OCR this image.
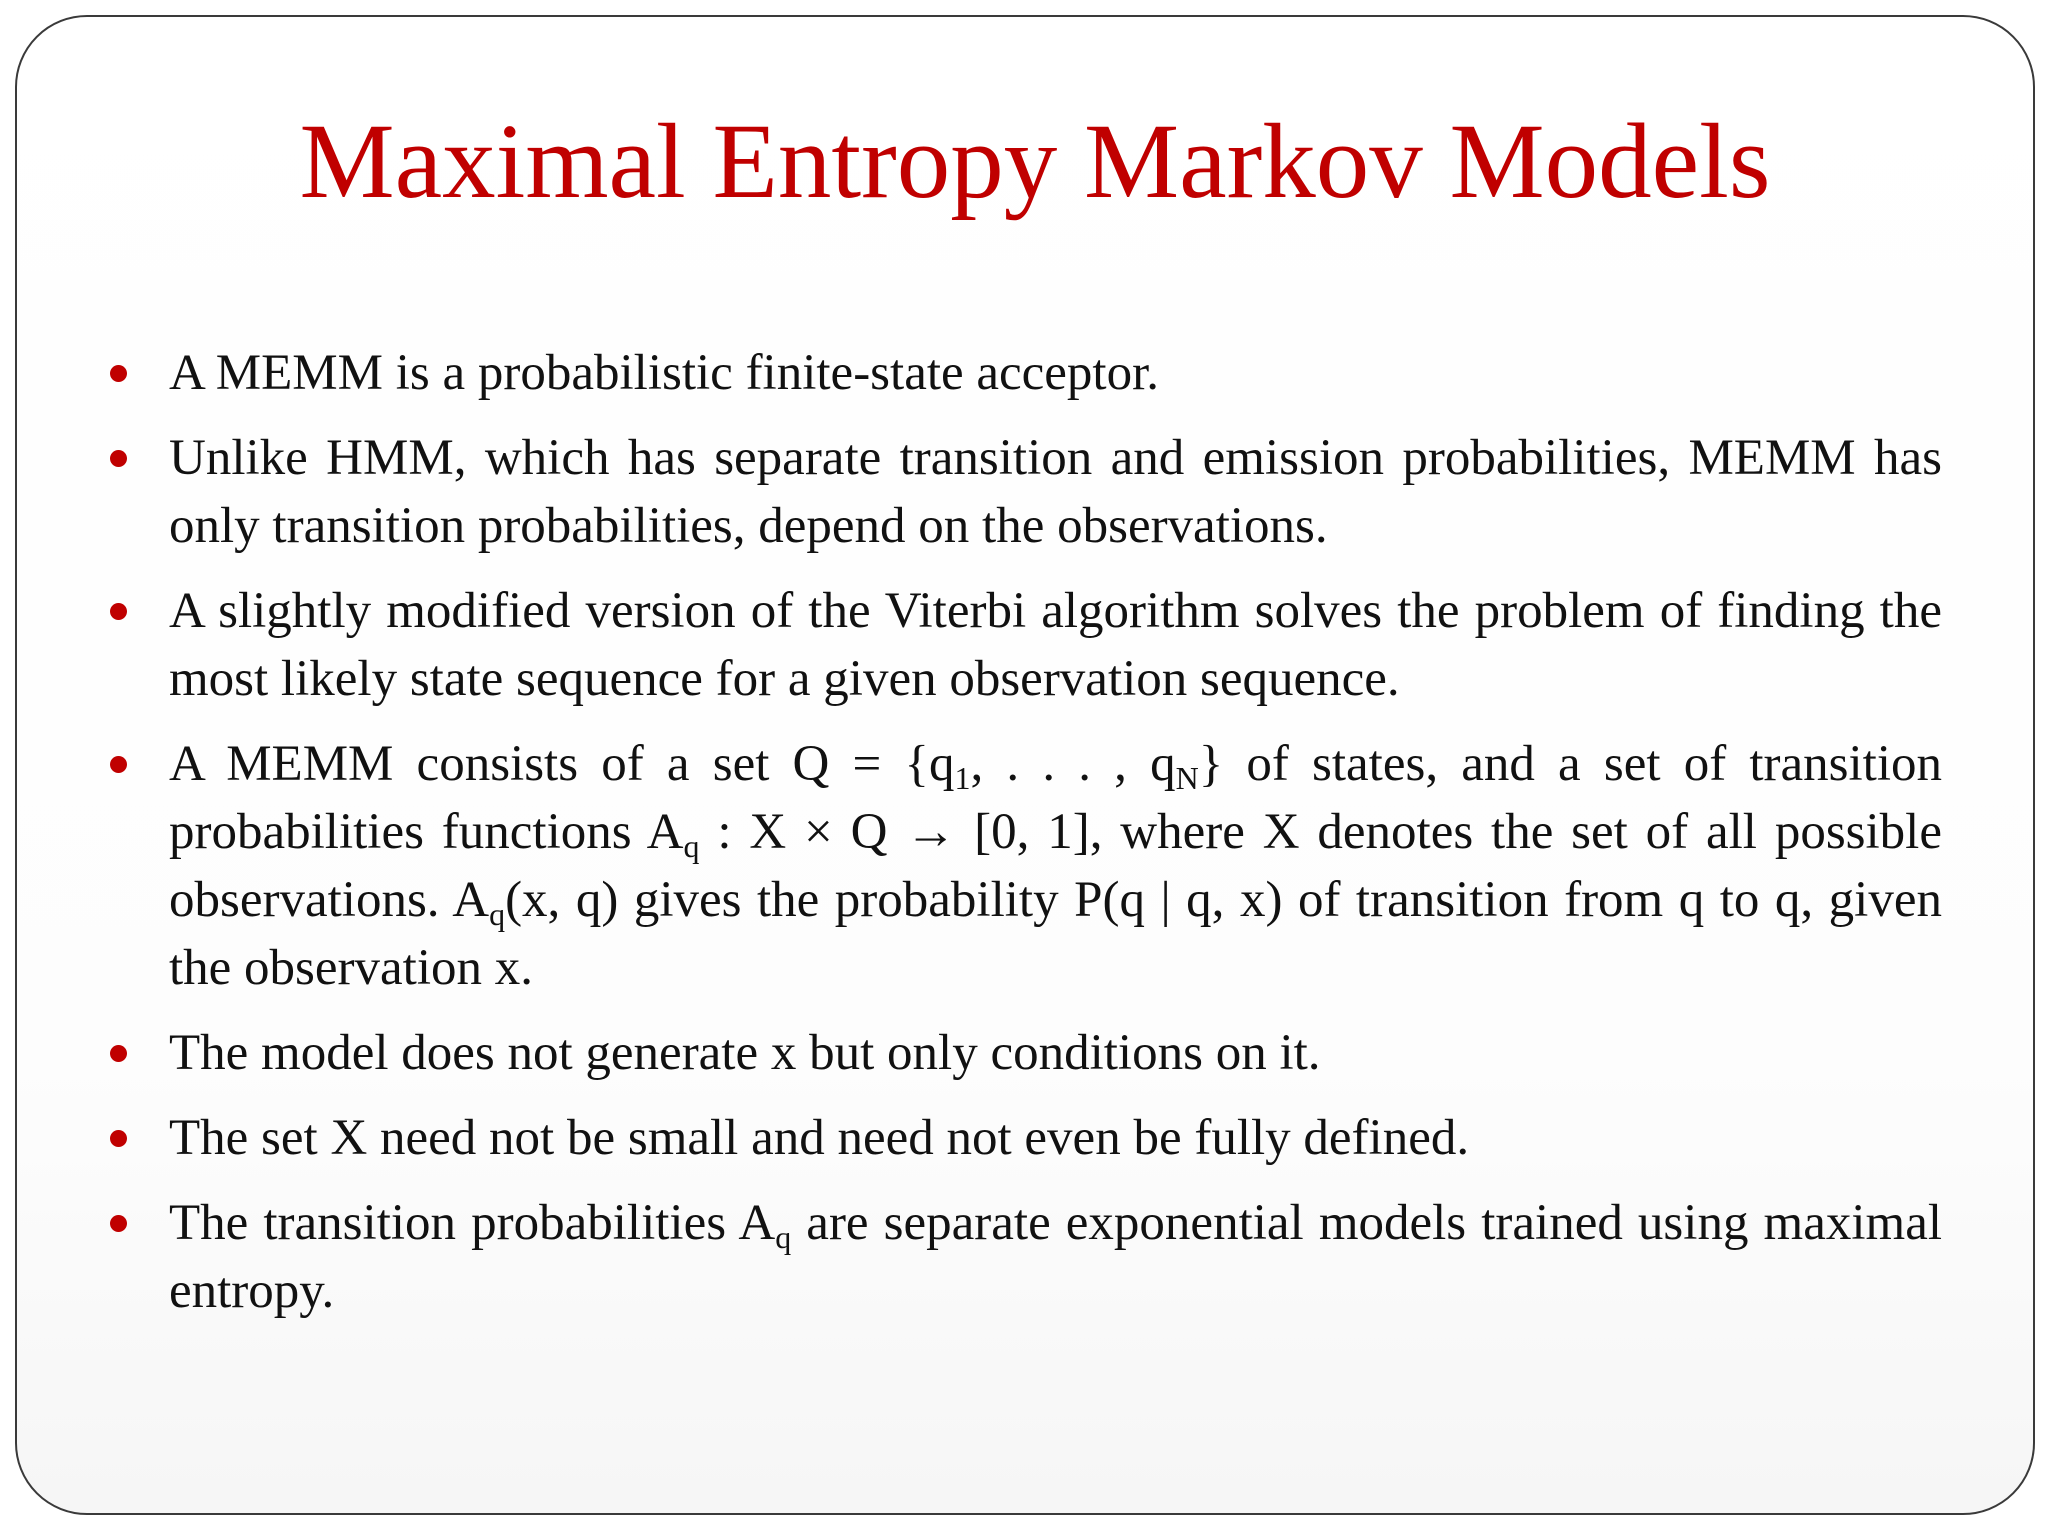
Maximal Entropy Markov Models
A MEMM is a probabilistic finite-state acceptor.
Unlike HMM, which has separate transition and emission probabilities, MEMM has only transition probabilities, depend on the observations.
A slightly modified version of the Viterbi algorithm solves the problem of finding the most likely state sequence for a given observation sequence.
A MEMM consists of a set $Q = \{q_1$, . . . , $q_N$} of states, and a set of transition probabilities functions $A_q$ : X × Q → [0, 1], where X denotes the set of all possible observations. $A_q(x$, q) gives the probability P(q | q, x) of transition from q to q, given the observation x.
The model does not generate x but only conditions on it.
The set X need not be small and need not even be fully defined.
The transition probabilities $A_q$ are separate exponential models trained using maximal entropy.
